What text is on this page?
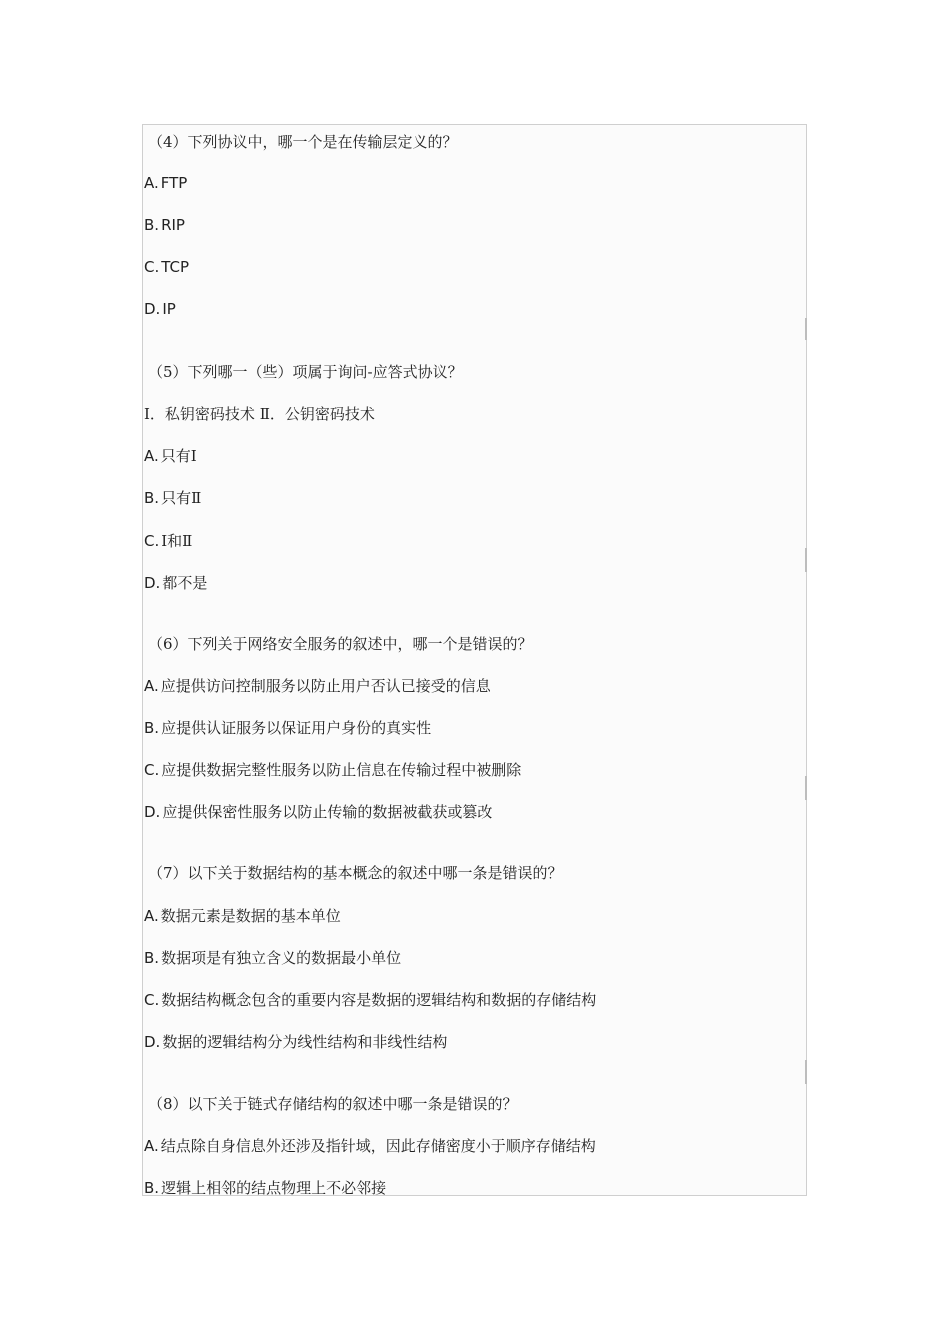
（4）下列协议中，哪一个是在传输层定义的？
A. FTP
B. RIP
C. TCP
D. IP
（5）下列哪一（些）项属于询问-应答式协议？
Ⅰ．私钥密码技术 Ⅱ．公钥密码技术
A. 只有Ⅰ
B. 只有Ⅱ
C. Ⅰ和Ⅱ
D. 都不是
（6）下列关于网络安全服务的叙述中，哪一个是错误的？
A. 应提供访问控制服务以防止用户否认已接受的信息
B. 应提供认证服务以保证用户身份的真实性
C. 应提供数据完整性服务以防止信息在传输过程中被删除
D. 应提供保密性服务以防止传输的数据被截获或篡改
（7）以下关于数据结构的基本概念的叙述中哪一条是错误的？
A. 数据元素是数据的基本单位
B. 数据项是有独立含义的数据最小单位
C. 数据结构概念包含的重要内容是数据的逻辑结构和数据的存储结构
D. 数据的逻辑结构分为线性结构和非线性结构
（8）以下关于链式存储结构的叙述中哪一条是错误的？
A. 结点除自身信息外还涉及指针域，因此存储密度小于顺序存储结构
B. 逻辑上相邻的结点物理上不必邻接
